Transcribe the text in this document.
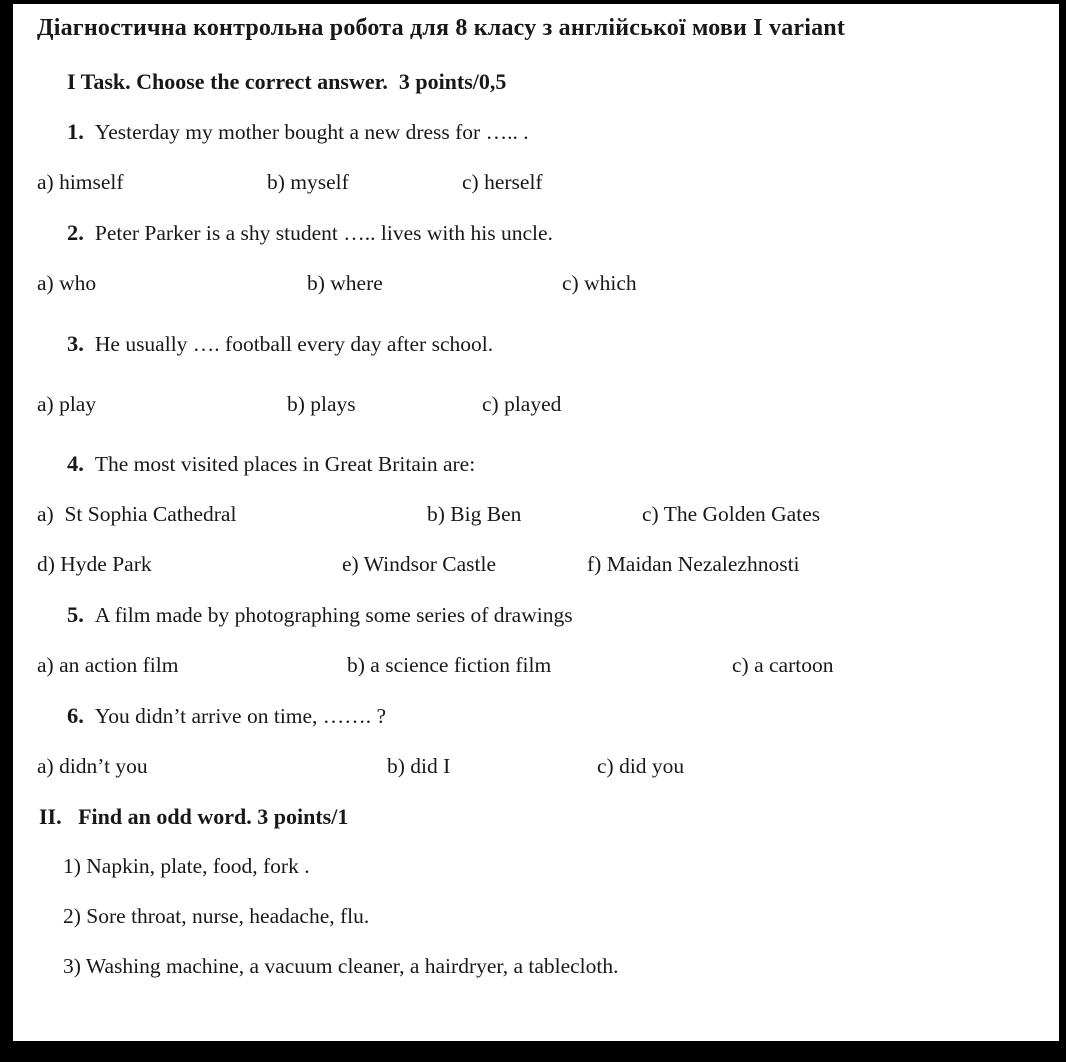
Діагностична контрольна робота для 8 класу з англійської мови I variant

I Task. Choose the correct answer.  3 points/0,5

1. Yesterday my mother bought a new dress for ….. .

a) himself	b) myself	c) herself

2. Peter Parker is a shy student ….. lives with his uncle.

a) who	b) where	c) which

3. He usually …. football every day after school.

a) play	b) plays	c) played

4. The most visited places in Great Britain are:

a)  St Sophia Cathedral	b) Big Ben	c) The Golden Gates
d) Hyde Park	e) Windsor Castle	f) Maidan Nezalezhnosti

5. A film made by photographing some series of drawings

a) an action film	b) a science fiction film	c) a cartoon

6. You didn’t arrive on time, ……. ?

a) didn’t you	b) did I	c) did you

II.   Find an odd word. 3 points/1

1) Napkin, plate, food, fork .

2) Sore throat, nurse, headache, flu.

3) Washing machine, a vacuum cleaner, a hairdryer, a tablecloth.
